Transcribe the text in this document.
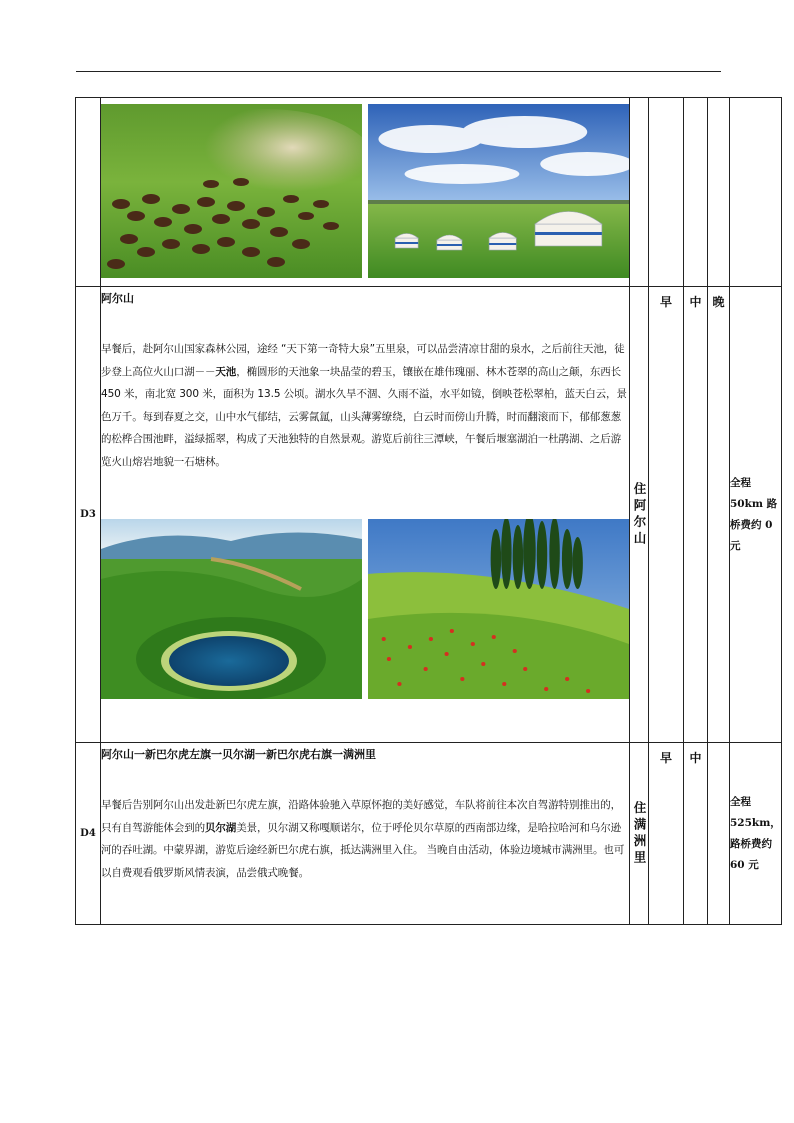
D3	阿尔山

早餐后，赴阿尔山国家森林公园，途经 “天下第一奇特大泉”五里泉，可以品尝清凉甘甜的泉水，之后前往天池，徒步登上高位火山口湖－－天池，椭圆形的天池象一块晶莹的碧玉，镶嵌在雄伟瑰丽、林木苍翠的高山之颠，东西长 450 米，南北宽 300 米，面积为 13.5 公顷。湖水久旱不涸、久雨不溢，水平如镜，倒映苍松翠柏，蓝天白云，景色万千。每到春夏之交，山中水气郁结，云雾氤氲，山头薄雾缭绕，白云时而傍山升腾，时而翻滚而下，郁郁葱葱的松桦合围池畔，溢绿摇翠，构成了天池独特的自然景观。游览后前往三潭峡，午餐后堰塞湖泊一杜鹃湖、之后游览火山熔岩地貌一石塘林。	住阿尔山	早	中	晚	全程 50km 路桥费约 0 元
D4	阿尔山一新巴尔虎左旗一贝尔湖一新巴尔虎右旗一满洲里

早餐后告别阿尔山出发赴新巴尔虎左旗，沿路体验驰入草原怀抱的美好感觉，车队将前往本次自驾游特别推出的，只有自驾游能体会到的贝尔湖美景，贝尔湖又称嘎顺诺尔，位于呼伦贝尔草原的西南部边缘，是哈拉哈河和乌尔逊河的吞吐湖。中蒙界湖，游览后途经新巴尔虎右旗，抵达满洲里入住。 当晚自由活动，体验边境城市满洲里。也可以自费观看俄罗斯风情表演，品尝俄式晚餐。	住满洲里	早	中		全程 525km，路桥费约 60 元
